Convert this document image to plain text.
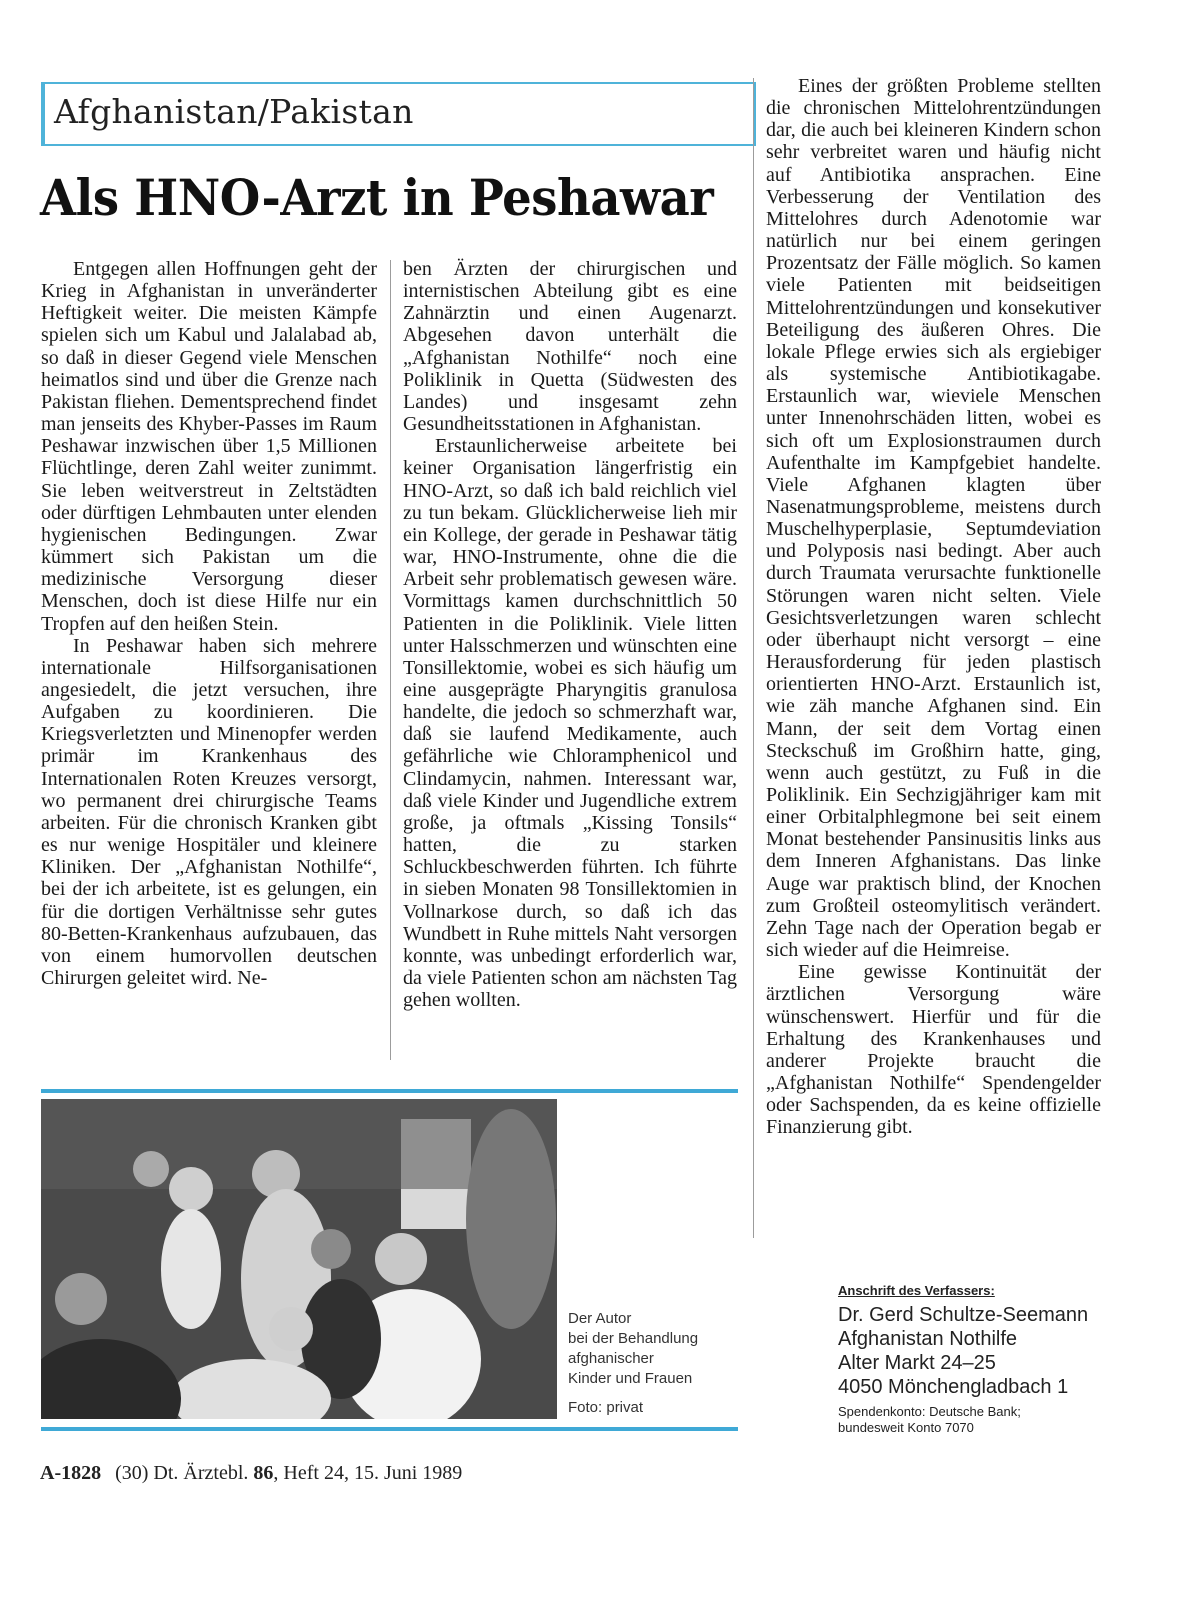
Afghanistan/Pakistan
Als HNO-Arzt in Peshawar

Entgegen allen Hoffnungen geht der Krieg in Afghanistan in unveränderter Heftigkeit weiter. Die meisten Kämpfe spielen sich um Kabul und Jalalabad ab, so daß in dieser Gegend viele Menschen heimatlos sind und über die Grenze nach Pakistan fliehen. Dementsprechend findet man jenseits des Khyber-Passes im Raum Peshawar inzwischen über 1,5 Millionen Flüchtlinge, deren Zahl weiter zunimmt. Sie leben weitverstreut in Zeltstädten oder dürftigen Lehmbauten unter elenden hygienischen Bedingungen. Zwar kümmert sich Pakistan um die medizinische Versorgung dieser Menschen, doch ist diese Hilfe nur ein Tropfen auf den heißen Stein.

In Peshawar haben sich mehrere internationale Hilfsorganisationen angesiedelt, die jetzt versuchen, ihre Aufgaben zu koordinieren. Die Kriegsverletzten und Minenopfer werden primär im Krankenhaus des Internationalen Roten Kreuzes versorgt, wo permanent drei chirurgische Teams arbeiten. Für die chronisch Kranken gibt es nur wenige Hospitäler und kleinere Kliniken. Der „Afghanistan Nothilfe“, bei der ich arbeitete, ist es gelungen, ein für die dortigen Verhältnisse sehr gutes 80-Betten-Krankenhaus aufzubauen, das von einem humorvollen deutschen Chirurgen geleitet wird. Ne-

ben Ärzten der chirurgischen und internistischen Abteilung gibt es eine Zahnärztin und einen Augenarzt. Abgesehen davon unterhält die „Afghanistan Nothilfe“ noch eine Poliklinik in Quetta (Südwesten des Landes) und insgesamt zehn Gesundheitsstationen in Afghanistan.

Erstaunlicherweise arbeitete bei keiner Organisation längerfristig ein HNO-Arzt, so daß ich bald reichlich viel zu tun bekam. Glücklicherweise lieh mir ein Kollege, der gerade in Peshawar tätig war, HNO-Instrumente, ohne die die Arbeit sehr problematisch gewesen wäre. Vormittags kamen durchschnittlich 50 Patienten in die Poliklinik. Viele litten unter Halsschmerzen und wünschten eine Tonsillektomie, wobei es sich häufig um eine ausgeprägte Pharyngitis granulosa handelte, die jedoch so schmerzhaft war, daß sie laufend Medikamente, auch gefährliche wie Chloramphenicol und Clindamycin, nahmen. Interessant war, daß viele Kinder und Jugendliche extrem große, ja oftmals „Kissing Tonsils“ hatten, die zu starken Schluckbeschwerden führten. Ich führte in sieben Monaten 98 Tonsillektomien in Vollnarkose durch, so daß ich das Wundbett in Ruhe mittels Naht versorgen konnte, was unbedingt erforderlich war, da viele Patienten schon am nächsten Tag gehen wollten.

Eines der größten Probleme stellten die chronischen Mittelohrentzündungen dar, die auch bei kleineren Kindern schon sehr verbreitet waren und häufig nicht auf Antibiotika ansprachen. Eine Verbesserung der Ventilation des Mittelohres durch Adenotomie war natürlich nur bei einem geringen Prozentsatz der Fälle möglich. So kamen viele Patienten mit beidseitigen Mittelohrentzündungen und konsekutiver Beteiligung des äußeren Ohres. Die lokale Pflege erwies sich als ergiebiger als systemische Antibiotikagabe. Erstaunlich war, wieviele Menschen unter Innenohrschäden litten, wobei es sich oft um Explosionstraumen durch Aufenthalte im Kampfgebiet handelte. Viele Afghanen klagten über Nasenatmungsprobleme, meistens durch Muschelhyperplasie, Septumdeviation und Polyposis nasi bedingt. Aber auch durch Traumata verursachte funktionelle Störungen waren nicht selten. Viele Gesichtsverletzungen waren schlecht oder überhaupt nicht versorgt – eine Herausforderung für jeden plastisch orientierten HNO-Arzt. Erstaunlich ist, wie zäh manche Afghanen sind. Ein Mann, der seit dem Vortag einen Steckschuß im Großhirn hatte, ging, wenn auch gestützt, zu Fuß in die Poliklinik. Ein Sechzigjähriger kam mit einer Orbitalphlegmone bei seit einem Monat bestehender Pansinusitis links aus dem Inneren Afghanistans. Das linke Auge war praktisch blind, der Knochen zum Großteil osteomylitisch verändert. Zehn Tage nach der Operation begab er sich wieder auf die Heimreise.

Eine gewisse Kontinuität der ärztlichen Versorgung wäre wünschenswert. Hierfür und für die Erhaltung des Krankenhauses und anderer Projekte braucht die „Afghanistan Nothilfe“ Spendengelder oder Sachspenden, da es keine offizielle Finanzierung gibt.

Der Autor
bei der Behandlung
afghanischer
Kinder und Frauen
Foto: privat
Anschrift des Verfassers:
Dr. Gerd Schultze-Seemann
Afghanistan Nothilfe
Alter Markt 24–25
4050 Mönchengladbach 1
Spendenkonto: Deutsche Bank;
bundesweit Konto 7070
A-1828 (30) Dt. Ärztebl. 86, Heft 24, 15. Juni 1989
